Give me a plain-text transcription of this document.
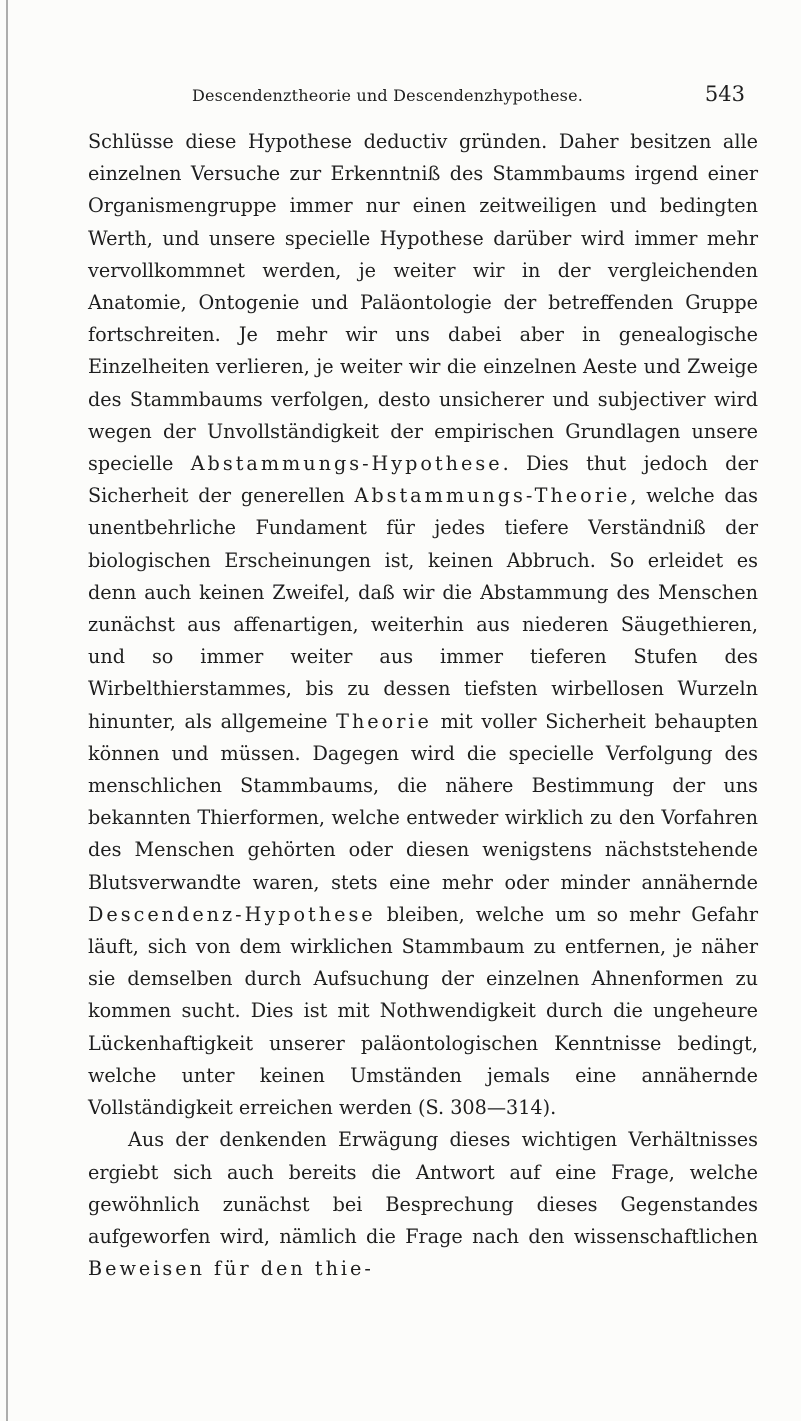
Descendenztheorie und Descendenzhypothese.	543

Schlüsse diese Hypothese deductiv gründen. Daher besitzen alle einzelnen Versuche zur Erkenntniß des Stammbaums irgend einer Organismengruppe immer nur einen zeitweiligen und bedingten Werth, und unsere specielle Hypothese darüber wird immer mehr vervollkommnet werden, je weiter wir in der vergleichenden Anatomie, Ontogenie und Paläontologie der betreffenden Gruppe fortschreiten. Je mehr wir uns dabei aber in genealogische Einzelheiten verlieren, je weiter wir die einzelnen Aeste und Zweige des Stammbaums verfolgen, desto unsicherer und subjectiver wird wegen der Unvollständigkeit der empirischen Grundlagen unsere specielle Abstammungs-Hypothese. Dies thut jedoch der Sicherheit der generellen Abstammungs-Theorie, welche das unentbehrliche Fundament für jedes tiefere Verständniß der biologischen Erscheinungen ist, keinen Abbruch. So erleidet es denn auch keinen Zweifel, daß wir die Abstammung des Menschen zunächst aus affenartigen, weiterhin aus niederen Säugethieren, und so immer weiter aus immer tieferen Stufen des Wirbelthierstammes, bis zu dessen tiefsten wirbellosen Wurzeln hinunter, als allgemeine Theorie mit voller Sicherheit behaupten können und müssen. Dagegen wird die specielle Verfolgung des menschlichen Stammbaums, die nähere Bestimmung der uns bekannten Thierformen, welche entweder wirklich zu den Vorfahren des Menschen gehörten oder diesen wenigstens nächststehende Blutsverwandte waren, stets eine mehr oder minder annähernde Descendenz-Hypothese bleiben, welche um so mehr Gefahr läuft, sich von dem wirklichen Stammbaum zu entfernen, je näher sie demselben durch Aufsuchung der einzelnen Ahnenformen zu kommen sucht. Dies ist mit Nothwendigkeit durch die ungeheure Lückenhaftigkeit unserer paläontologischen Kenntnisse bedingt, welche unter keinen Umständen jemals eine annähernde Vollständigkeit erreichen werden (S. 308—314).

Aus der denkenden Erwägung dieses wichtigen Verhältnisses ergiebt sich auch bereits die Antwort auf eine Frage, welche gewöhnlich zunächst bei Besprechung dieses Gegenstandes aufgeworfen wird, nämlich die Frage nach den wissenschaftlichen Beweisen für den thie-
